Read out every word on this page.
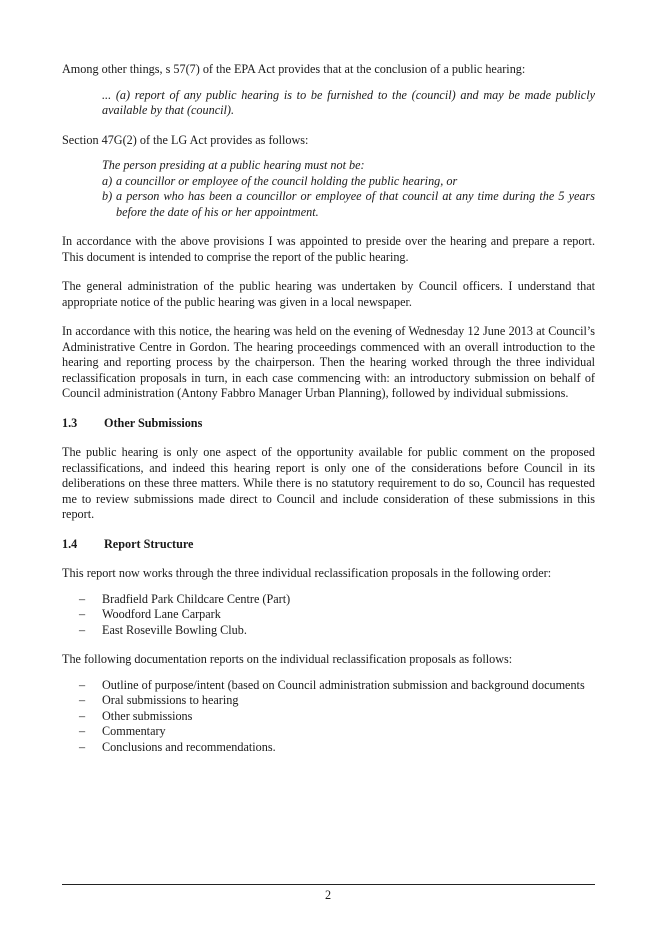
Among other things, s 57(7) of the EPA Act provides that at the conclusion of a public hearing:

... (a) report of any public hearing is to be furnished to the (council) and may be made publicly available by that (council).

Section 47G(2) of the LG Act provides as follows:

The person presiding at a public hearing must not be:
a) a councillor or employee of the council holding the public hearing, or
b) a person who has been a councillor or employee of that council at any time during the 5 years before the date of his or her appointment.

In accordance with the above provisions I was appointed to preside over the hearing and prepare a report. This document is intended to comprise the report of the public hearing.

The general administration of the public hearing was undertaken by Council officers. I understand that appropriate notice of the public hearing was given in a local newspaper.

In accordance with this notice, the hearing was held on the evening of Wednesday 12 June 2013 at Council’s Administrative Centre in Gordon. The hearing proceedings commenced with an overall introduction to the hearing and reporting process by the chairperson. Then the hearing worked through the three individual reclassification proposals in turn, in each case commencing with: an introductory submission on behalf of Council administration (Antony Fabbro Manager Urban Planning), followed by individual submissions.

1.3	Other Submissions

The public hearing is only one aspect of the opportunity available for public comment on the proposed reclassifications, and indeed this hearing report is only one of the considerations before Council in its deliberations on these three matters. While there is no statutory requirement to do so, Council has requested me to review submissions made direct to Council and include consideration of these submissions in this report.

1.4	Report Structure

This report now works through the three individual reclassification proposals in the following order:

–	Bradfield Park Childcare Centre (Part)
–	Woodford Lane Carpark
–	East Roseville Bowling Club.

The following documentation reports on the individual reclassification proposals as follows:

–	Outline of purpose/intent (based on Council administration submission and background documents
–	Oral submissions to hearing
–	Other submissions
–	Commentary
–	Conclusions and recommendations.
2
